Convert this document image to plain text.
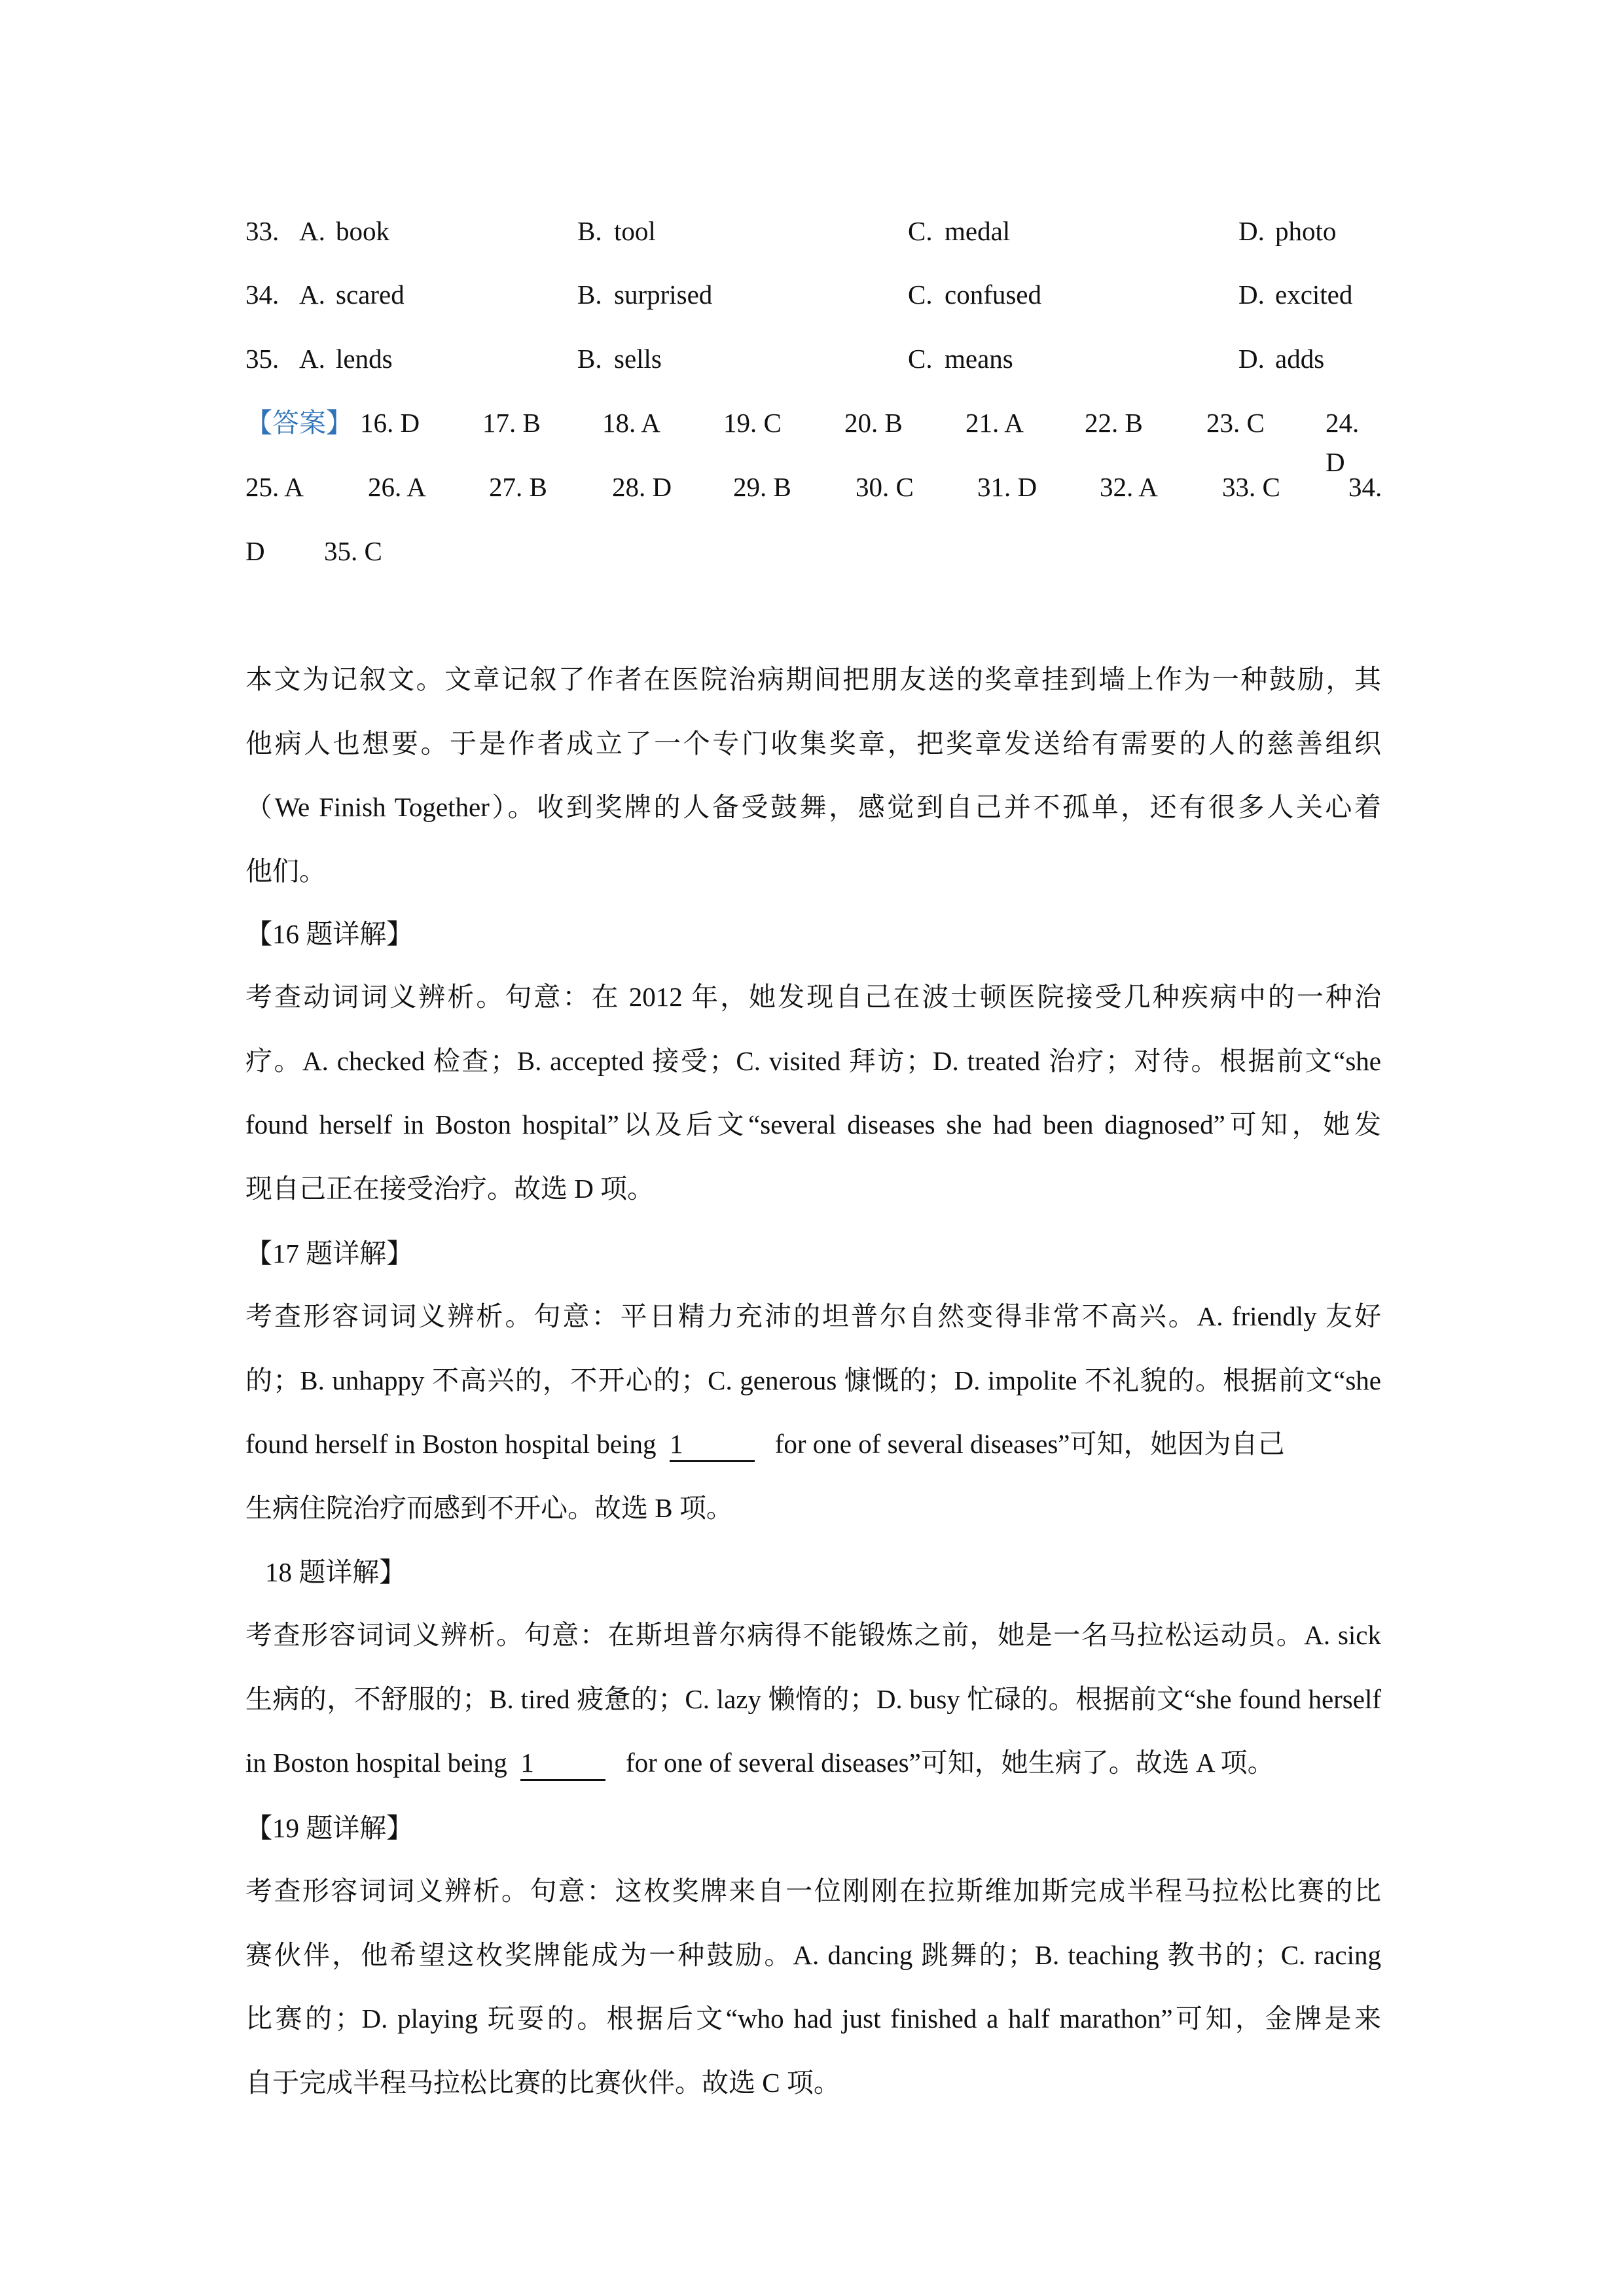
33. A. book	B. tool	C. medal	D. photo
34. A. scared	B. surprised	C. confused	D. excited
35. A. lends	B. sells	C. means	D. adds
【答案】 16. D 17. B 18. A 19. C 20. B 21. A 22. B 23. C 24. D
25. A 26. A 27. B 28. D 29. B 30. C 31. D 32. A 33. C	34.
D 35. C
本文为记叙文。文章记叙了作者在医院治病期间把朋友送的奖章挂到墙上作为一种鼓励，其
他病人也想要。于是作者成立了一个专门收集奖章，把奖章发送给有需要的人的慈善组织
（We Finish Together）。收到奖牌的人备受鼓舞，感觉到自己并不孤单，还有很多人关心着
他们。
【16 题详解】
考查动词词义辨析。句意：在 2012 年，她发现自己在波士顿医院接受几种疾病中的一种治
疗。A. checked 检查；B. accepted 接受；C. visited 拜访；D. treated 治疗；对待。根据前文“she
found herself in Boston hospital”以及后文“several diseases she had been diagnosed”可知，她发
现自己正在接受治疗。故选 D 项。
【17 题详解】
考查形容词词义辨析。句意：平日精力充沛的坦普尔自然变得非常不高兴。A. friendly 友好
的；B. unhappy 不高兴的，不开心的；C. generous 慷慨的；D. impolite 不礼貌的。根据前文“she
found herself in Boston hospital being 1	for one of several diseases”可知，她因为自己
生病住院治疗而感到不开心。故选 B 项。
18 题详解】
考查形容词词义辨析。句意：在斯坦普尔病得不能锻炼之前，她是一名马拉松运动员。A. sick
生病的，不舒服的；B. tired 疲惫的；C. lazy 懒惰的；D. busy 忙碌的。根据前文“she found herself
in Boston hospital being 1	for one of several diseases”可知，她生病了。故选 A 项。
【19 题详解】
考查形容词词义辨析。句意：这枚奖牌来自一位刚刚在拉斯维加斯完成半程马拉松比赛的比
赛伙伴，他希望这枚奖牌能成为一种鼓励。A. dancing 跳舞的；B. teaching 教书的；C. racing
比赛的；D. playing 玩耍的。根据后文“who had just finished a half marathon”可知，金牌是来
自于完成半程马拉松比赛的比赛伙伴。故选 C 项。
